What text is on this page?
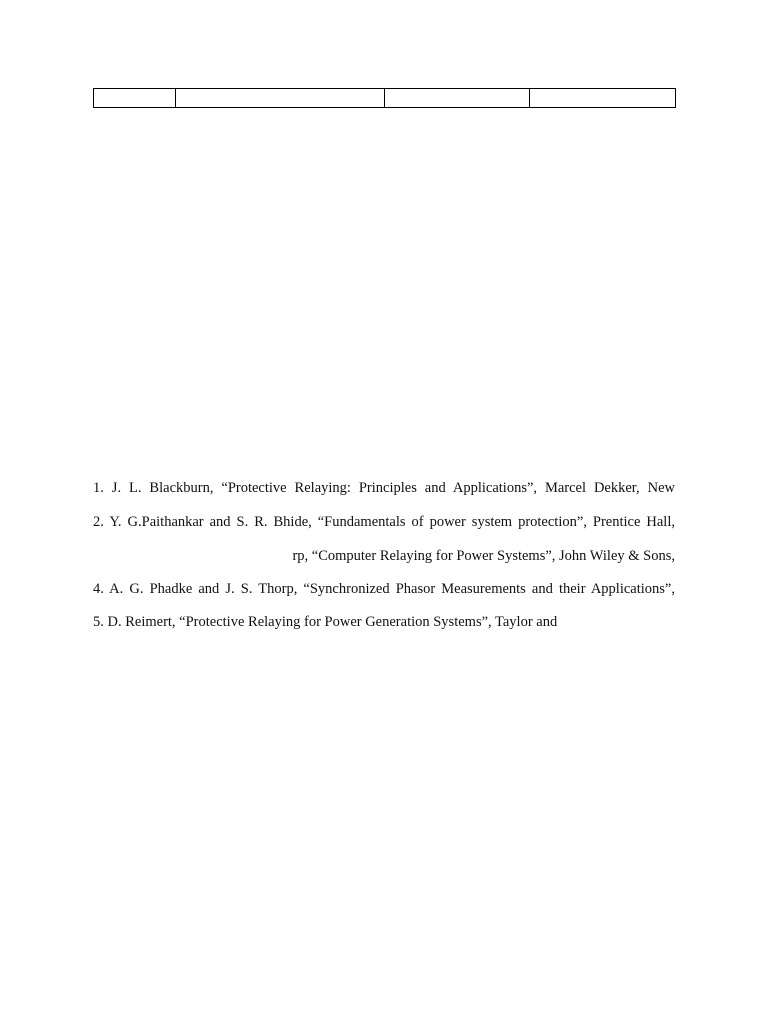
1. J. L. Blackburn, “Protective Relaying: Principles and Applications”, Marcel Dekker, New
2. Y. G.Paithankar and S. R. Bhide, “Fundamentals of power system protection”, Prentice Hall,
rp, “Computer Relaying for Power Systems”, John Wiley & Sons,
4. A. G. Phadke and J. S. Thorp, “Synchronized Phasor Measurements and their Applications”,
5. D. Reimert, “Protective Relaying for Power Generation Systems”, Taylor and
